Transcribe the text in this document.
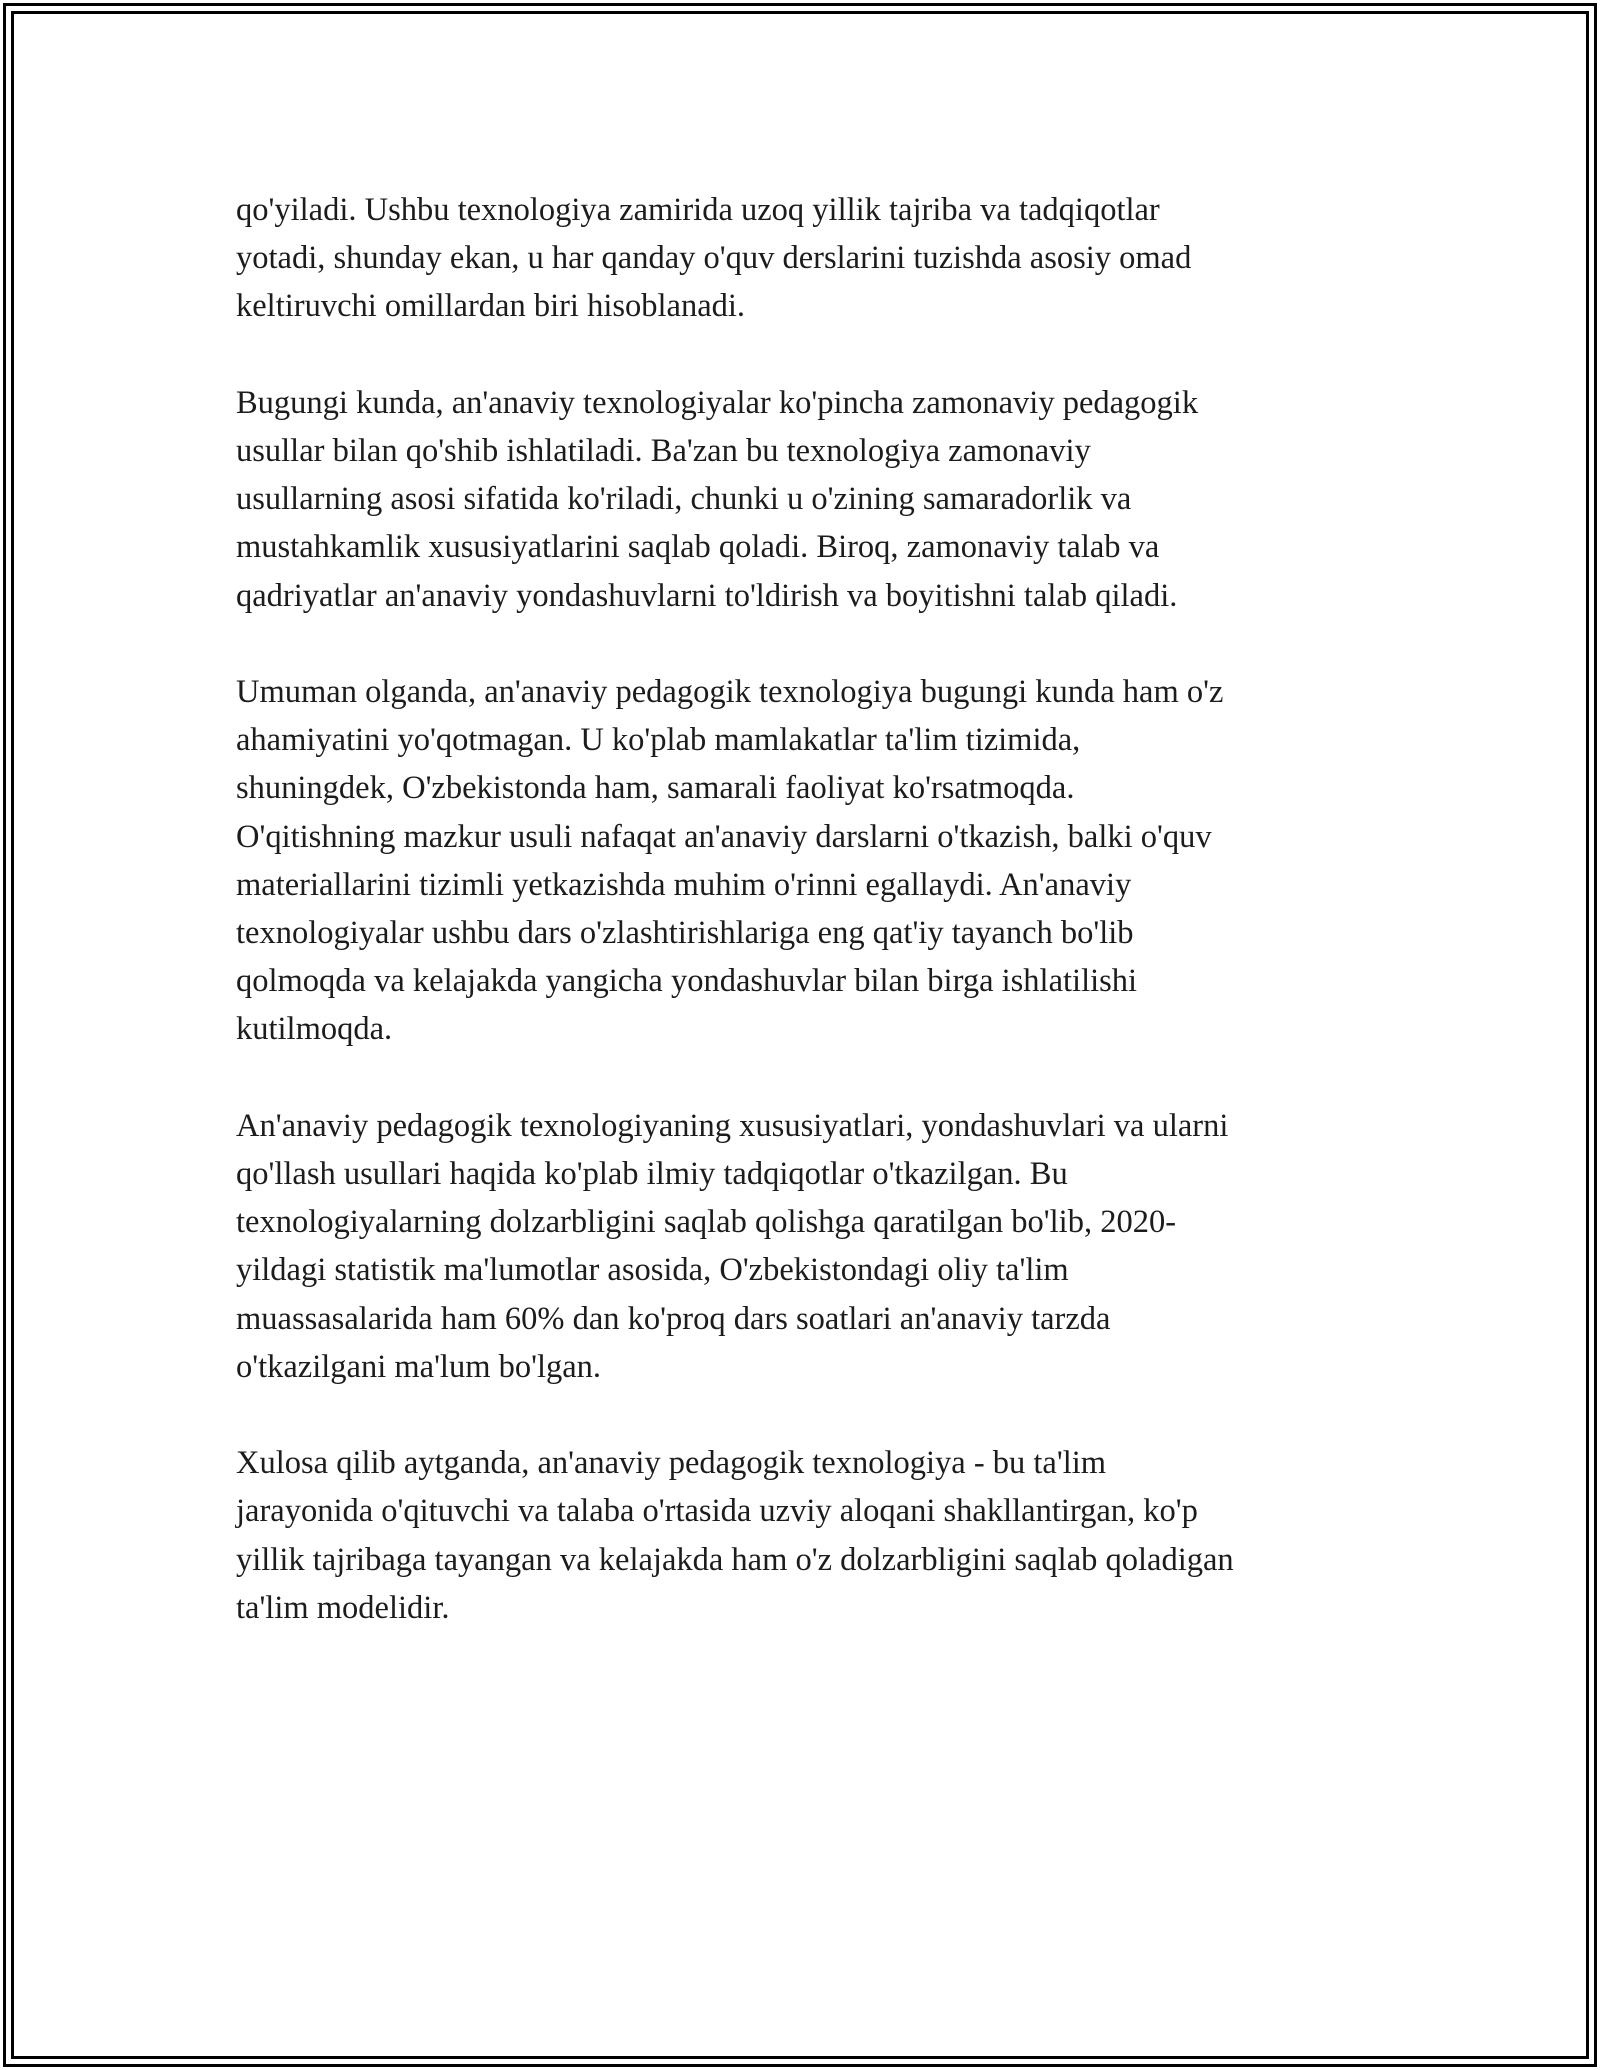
qo'yiladi. Ushbu texnologiya zamirida uzoq yillik tajriba va tadqiqotlar
yotadi, shunday ekan, u har qanday o'quv derslarini tuzishda asosiy omad
keltiruvchi omillardan biri hisoblanadi.

Bugungi kunda, an'anaviy texnologiyalar ko'pincha zamonaviy pedagogik
usullar bilan qo'shib ishlatiladi. Ba'zan bu texnologiya zamonaviy
usullarning asosi sifatida ko'riladi, chunki u o'zining samaradorlik va
mustahkamlik xususiyatlarini saqlab qoladi. Biroq, zamonaviy talab va
qadriyatlar an'anaviy yondashuvlarni to'ldirish va boyitishni talab qiladi.

Umuman olganda, an'anaviy pedagogik texnologiya bugungi kunda ham o'z
ahamiyatini yo'qotmagan. U ko'plab mamlakatlar ta'lim tizimida,
shuningdek, O'zbekistonda ham, samarali faoliyat ko'rsatmoqda.
O'qitishning mazkur usuli nafaqat an'anaviy darslarni o'tkazish, balki o'quv
materiallarini tizimli yetkazishda muhim o'rinni egallaydi. An'anaviy
texnologiyalar ushbu dars o'zlashtirishlariga eng qat'iy tayanch bo'lib
qolmoqda va kelajakda yangicha yondashuvlar bilan birga ishlatilishi
kutilmoqda.

An'anaviy pedagogik texnologiyaning xususiyatlari, yondashuvlari va ularni
qo'llash usullari haqida ko'plab ilmiy tadqiqotlar o'tkazilgan. Bu
texnologiyalarning dolzarbligini saqlab qolishga qaratilgan bo'lib, 2020-
yildagi statistik ma'lumotlar asosida, O'zbekistondagi oliy ta'lim
muassasalarida ham 60% dan ko'proq dars soatlari an'anaviy tarzda
o'tkazilgani ma'lum bo'lgan.

Xulosa qilib aytganda, an'anaviy pedagogik texnologiya - bu ta'lim
jarayonida o'qituvchi va talaba o'rtasida uzviy aloqani shakllantirgan, ko'p
yillik tajribaga tayangan va kelajakda ham o'z dolzarbligini saqlab qoladigan
ta'lim modelidir.
